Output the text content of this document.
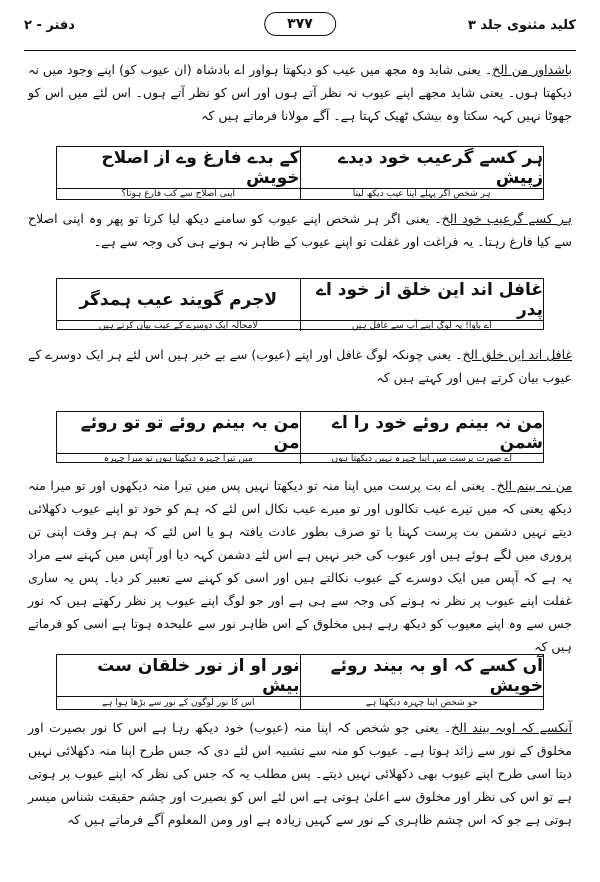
دفتر - ۲	۳۷۷	کلید مثنوی جلد ۳

باشداور من الخ۔ یعنی شاید وہ مجھ میں عیب کو دیکھتا ہواور اے بادشاہ (ان عیوب کو) اپنے وجود میں نہ دیکھتا ہوں۔ یعنی شاید مجھے اپنے عیوب نہ نظر آتے ہوں اور اس کو نظر آتے ہوں۔ اس لئے میں اس کو جھوٹا نہیں کہہ سکتا وہ بیشک ٹھیک کہتا ہے۔ آگے مولانا فرماتے ہیں کہ

ہر کسے گرعیب خود دیدے زپیش
کے بدے فارغ وے از اصلاح خویش
ہر شخص اگر پہلے اپنا عیب دیکھ لیتا
اپنی اصلاح سے کب فارغ ہوتا؟

ہر کسے گرعیب خود الخ۔ یعنی اگر ہر شخص اپنے عیوب کو سامنے دیکھ لیا کرتا تو پھر وہ اپنی اصلاح سے کیا فارغ رہتا۔ یہ فراغت اور غفلت تو اپنے عیوب کے ظاہر نہ ہونے ہی کی وجہ سے ہے۔

غافل اند این خلق از خود اے پدر
لاجرم گویند عیب ہمدگر
اے باوا! یہ لوگ اپنے آپ سے غافل ہیں
لامحالہ ایک دوسرے کے عیب بیان کرتے ہیں

غافل اند این خلق الخ۔ یعنی چونکہ لوگ غافل اور اپنے (عیوب) سے بے خبر ہیں اس لئے ہر ایک دوسرے کے عیوب بیان کرتے ہیں اور کہتے ہیں کہ

من نہ بینم روئے خود را اے شمن
من بہ بینم روئے تو تو روئے من
اے صورت پرست میں اپنا چہرہ نہیں دیکھتا ہوں
میں تیرا چہرہ دیکھتا ہوں تو میرا چہرہ

من نہ بینم الخ۔ یعنی اے بت پرست میں اپنا منہ تو دیکھتا نہیں پس میں تیرا منہ دیکھوں اور تو میرا منہ دیکھ یعنی کہ میں تیرے عیب نکالوں اور تو میرے عیب نکال اس لئے کہ ہم کو خود تو اپنے عیوب دکھلائی دیتے نہیں دشمن بت پرست کہنا یا تو صرف بطور عادت یافتہ ہو یا اس لئے کہ ہم ہر وقت اپنی تن پروری میں لگے ہوئے ہیں اور عیوب کی خبر نہیں ہے اس لئے دشمن کہہ دیا اور آپس میں کہنے سے مراد یہ ہے کہ آپس میں ایک دوسرے کے عیوب نکالتے ہیں اور اسی کو کہنے سے تعبیر کر دیا۔ پس یہ ساری غفلت اپنے عیوب پر نظر نہ ہونے کی وجہ سے ہی ہے اور جو لوگ اپنے عیوب پر نظر رکھتے ہیں کہ نور جس سے وہ اپنے معیوب کو دیکھ رہے ہیں مخلوق کے اس ظاہر نور سے علیحدہ ہوتا ہے اسی کو فرماتے ہیں کہ

آں کسے کہ او بہ بیند روئے خویش
نور او از نور خلقان ست بیش
جو شخص اپنا چہرہ دیکھتا ہے
اس کا نور لوگوں کے نور سے بڑھا ہوا ہے

آنکسے کہ اوبہ بیند الخ۔ یعنی جو شخص کہ اپنا منہ (عیوب) خود دیکھ رہا ہے اس کا نور بصیرت اور مخلوق کے نور سے زائد ہوتا ہے۔ عیوب کو منہ سے تشبیہ اس لئے دی کہ جس طرح اپنا منہ دکھلائی نہیں دیتا اسی طرح اپنے عیوب بھی دکھلائی نہیں دیتے۔ پس مطلب یہ کہ جس کی نظر کہ اپنے عیوب پر ہوتی ہے تو اس کی نظر اور مخلوق سے اعلیٰ ہوتی ہے اس لئے اس کو بصیرت اور چشم حقیقت شناس میسر ہوتی ہے جو کہ اس چشم ظاہری کے نور سے کہیں زیادہ ہے اور ومن المعلوم آگے فرماتے ہیں کہ
